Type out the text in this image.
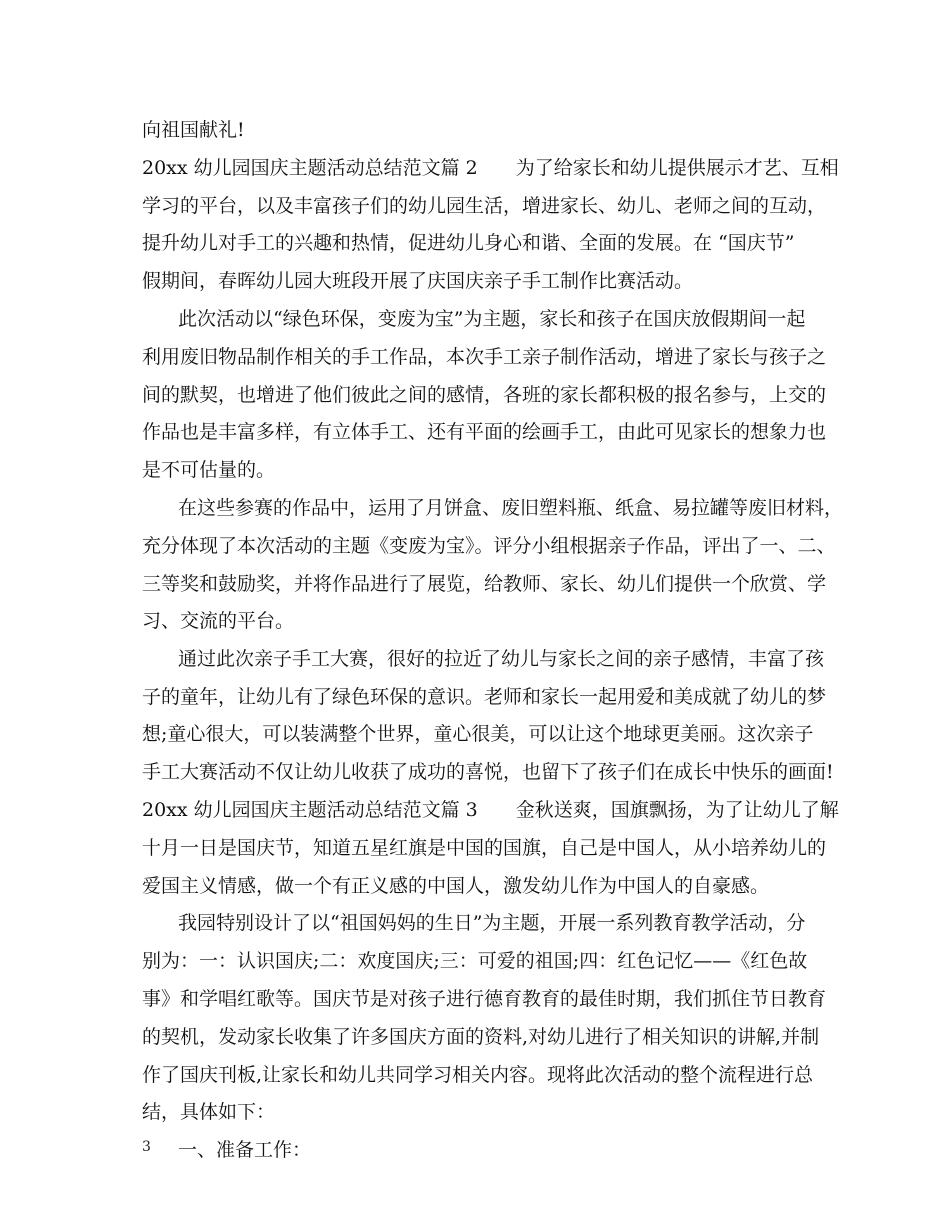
向祖国献礼!
20xx 幼儿园国庆主题活动总结范文篇 2　　为了给家长和幼儿提供展示才艺、互相
学习的平台，以及丰富孩子们的幼儿园生活，增进家长、幼儿、老师之间的互动，
提升幼儿对手工的兴趣和热情，促进幼儿身心和谐、全面的发展。在 “国庆节”
假期间，春晖幼儿园大班段开展了庆国庆亲子手工制作比赛活动。
此次活动以“绿色环保，变废为宝”为主题，家长和孩子在国庆放假期间一起
利用废旧物品制作相关的手工作品，本次手工亲子制作活动，增进了家长与孩子之
间的默契，也增进了他们彼此之间的感情，各班的家长都积极的报名参与，上交的
作品也是丰富多样，有立体手工、还有平面的绘画手工，由此可见家长的想象力也
是不可估量的。
在这些参赛的作品中，运用了月饼盒、废旧塑料瓶、纸盒、易拉罐等废旧材料，
充分体现了本次活动的主题《变废为宝》。评分小组根据亲子作品，评出了一、二、
三等奖和鼓励奖，并将作品进行了展览，给教师、家长、幼儿们提供一个欣赏、学
习、交流的平台。
通过此次亲子手工大赛，很好的拉近了幼儿与家长之间的亲子感情，丰富了孩
子的童年，让幼儿有了绿色环保的意识。老师和家长一起用爱和美成就了幼儿的梦
想;童心很大，可以装满整个世界，童心很美，可以让这个地球更美丽。这次亲子
手工大赛活动不仅让幼儿收获了成功的喜悦，也留下了孩子们在成长中快乐的画面!
20xx 幼儿园国庆主题活动总结范文篇 3　　金秋送爽，国旗飘扬，为了让幼儿了解
十月一日是国庆节，知道五星红旗是中国的国旗，自己是中国人，从小培养幼儿的
爱国主义情感，做一个有正义感的中国人，激发幼儿作为中国人的自豪感。
我园特别设计了以“祖国妈妈的生日”为主题，开展一系列教育教学活动，分
别为：一：认识国庆;二：欢度国庆;三：可爱的祖国;四：红色记忆——《红色故
事》和学唱红歌等。国庆节是对孩子进行德育教育的最佳时期，我们抓住节日教育
的契机，发动家长收集了许多国庆方面的资料,对幼儿进行了相关知识的讲解,并制
作了国庆刊板,让家长和幼儿共同学习相关内容。现将此次活动的整个流程进行总
结，具体如下：
一、准备工作：
3
